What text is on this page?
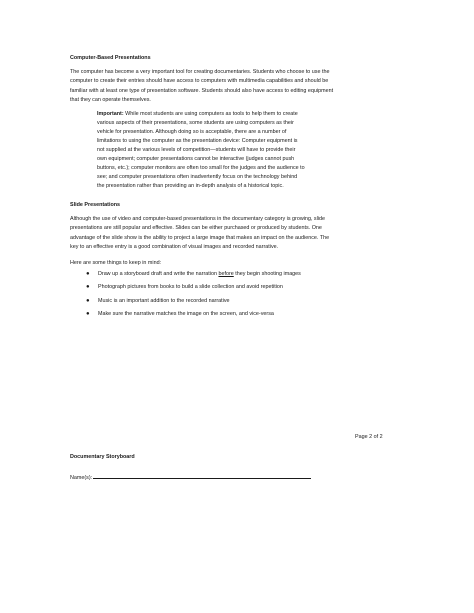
Computer-Based Presentations
The computer has become a very important tool for creating documentaries. Students who choose to use the
computer to create their entries should have access to computers with multimedia capabilities and should be
familiar with at least one type of presentation software. Students should also have access to editing equipment
that they can operate themselves.
Important: While most students are using computers as tools to help them to create
various aspects of their presentations, some students are using computers as their
vehicle for presentation. Although doing so is acceptable, there are a number of
limitations to using the computer as the presentation device: Computer equipment is
not supplied at the various levels of competition—students will have to provide their
own equipment; computer presentations cannot be interactive (judges cannot push
buttons, etc.); computer monitors are often too small for the judges and the audience to
see; and computer presentations often inadvertently focus on the technology behind
the presentation rather than providing an in-depth analysis of a historical topic.
Slide Presentations
Although the use of video and computer-based presentations in the documentary category is growing, slide
presentations are still popular and effective. Slides can be either purchased or produced by students. One
advantage of the slide show is the ability to project a large image that makes an impact on the audience. The
key to an effective entry is a good combination of visual images and recorded narrative.
Here are some things to keep in mind:
● Draw up a storyboard draft and write the narration before they begin shooting images
● Photograph pictures from books to build a slide collection and avoid repetition
● Music is an important addition to the recorded narrative
● Make sure the narrative matches the image on the screen, and vice-versa
Page 2 of 2
Documentary Storyboard
Name(s):
